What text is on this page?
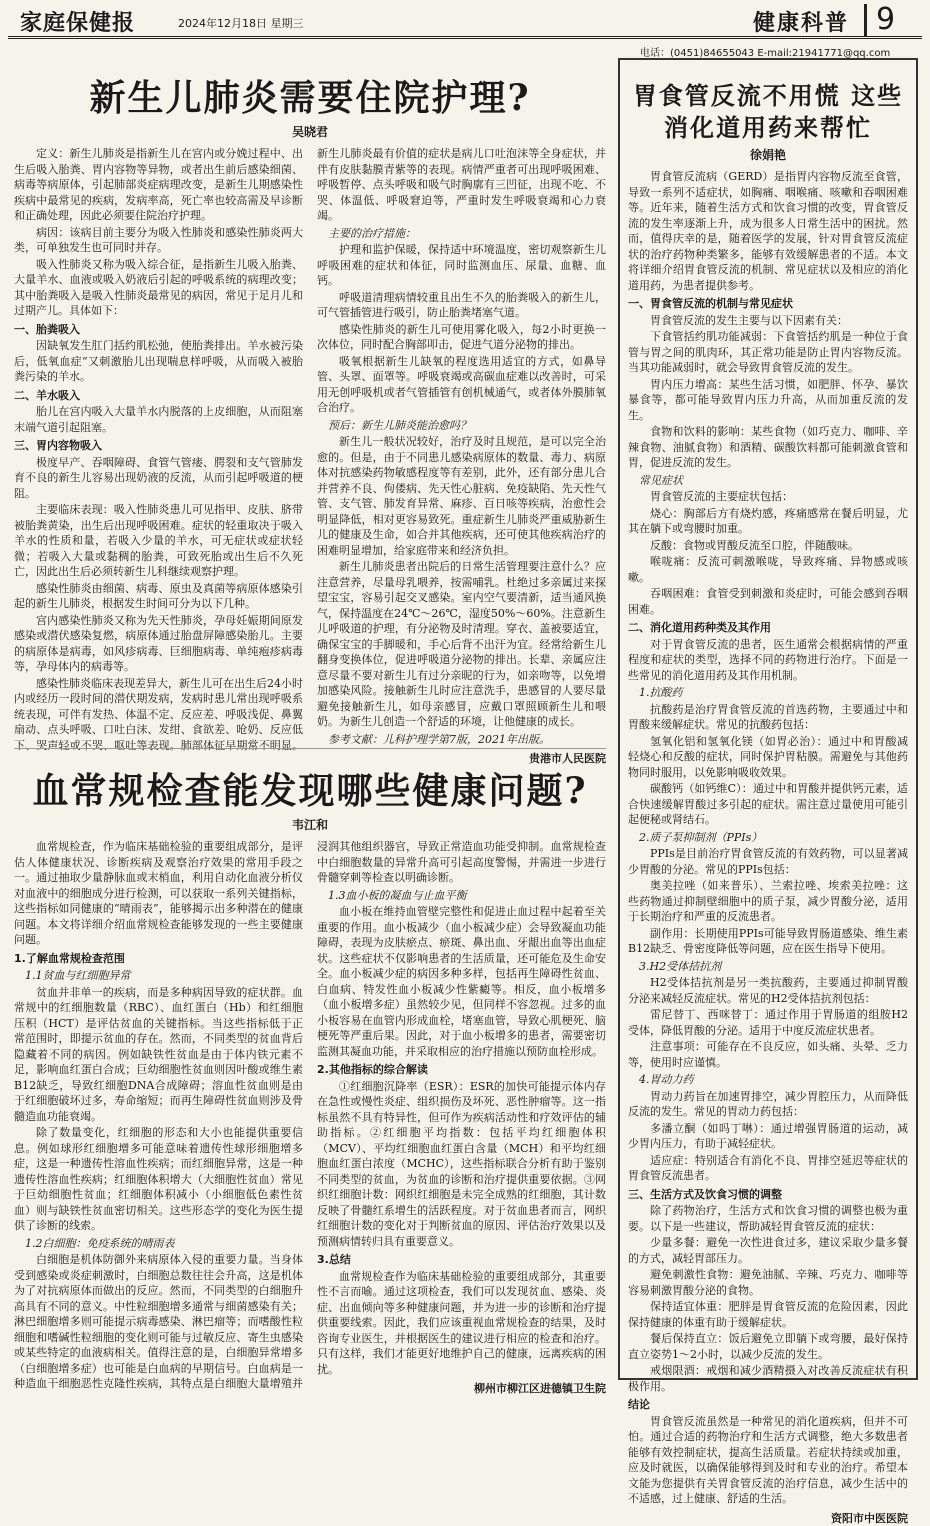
家庭保健报	2024年12月18日 星期三	健康科普 9
电话：(0451)84655043 E-mail:21941771@qq.com
新生儿肺炎需要住院护理?
吴晓君

定义：新生儿肺炎是指新生儿在宫内或分娩过程中、出生后吸入胎粪、胃内容物等异物，或者出生前后感染细菌、病毒等病原体，引起肺部炎症病理改变，是新生儿期感染性疾病中最常见的疾病，发病率高，死亡率也较高需及早诊断和正确处理，因此必须要住院治疗护理。

病因：该病目前主要分为吸入性肺炎和感染性肺炎两大类，可单独发生也可同时并存。

吸入性肺炎又称为吸入综合征，是指新生儿吸入胎粪、大量羊水、血液或吸入奶液后引起的呼吸系统的病理改变；其中胎粪吸入是吸入性肺炎最常见的病因，常见于足月儿和过期产儿。具体如下：

一、胎粪吸入

因缺氧发生肛门括约肌松弛，使胎粪排出。羊水被污染后，低氧血症“又刺激胎儿出现喘息样呼吸，从而吸入被胎粪污染的羊水。

二、羊水吸入

胎儿在宫内吸入大量羊水内脱落的上皮细胞，从而阻塞末端气道引起阻塞。

三、胃内容物吸入

极度早产、吞咽障碍、食管气管瘘、腭裂和支气管肺发育不良的新生儿容易出现奶液的反流，从而引起呼吸道的梗阻。

主要临床表现：吸入性肺炎患儿可见指甲、皮肤、脐带被胎粪黄染，出生后出现呼吸困难。症状的轻重取决于吸入羊水的性质和量，若吸入少量的羊水，可无症状或症状轻微；若吸入大量或黏稠的胎粪，可致死胎或出生后不久死亡，因此出生后必须转新生儿科继续观察护理。

感染性肺炎由细菌、病毒、原虫及真菌等病原体感染引起的新生儿肺炎，根据发生时间可分为以下几种。

宫内感染性肺炎又称为先天性肺炎，孕母妊娠期间原发感染或潜伏感染复燃，病原体通过胎盘屏障感染胎儿。主要的病原体是病毒，如风疹病毒、巨细胞病毒、单纯疱疹病毒等，孕母体内的病毒等。

感染性肺炎临床表现差异大，新生儿可在出生后24小时内或经历一段时间的潜伏期发病，发病时患儿常出现呼吸系统表现，可伴有发热、体温不定、反应差、呼吸浅促、鼻翼扇动、点头呼吸、口吐白沫、发绀、食欲差、呛奶、反应低下、哭声轻或不哭、呕吐等表现。肺部体征早期常不明显。新生儿肺炎最有价值的症状是病儿口吐泡沫等全身症状，并伴有皮肤黏膜青紫等的表现。病情严重者可出现呼吸困难、呼吸暂停、点头呼吸和吸气时胸廓有三凹征，出现不吃、不哭、体温低、呼吸窘迫等，严重时发生呼吸衰竭和心力衰竭。

主要的治疗措施：

护理和监护保暖，保持适中环境温度，密切观察新生儿呼吸困难的症状和体征，同时监测血压、尿量、血糖、血钙。

呼吸道清理病情较重且出生不久的胎粪吸入的新生儿，可气管插管进行吸引，防止胎粪堵塞气道。

感染性肺炎的新生儿可使用雾化吸入，每2小时更换一次体位，同时配合胸部叩击，促进气道分泌物的排出。

吸氧根据新生儿缺氧的程度选用适宜的方式，如鼻导管、头罩、面罩等。呼吸衰竭或高碳血症难以改善时，可采用无创呼吸机或者气管插管有创机械通气，或者体外膜肺氧合治疗。

预后：新生儿肺炎能治愈吗？

新生儿一般状况较好，治疗及时且规范，是可以完全治愈的。但是，由于不同患儿感染病原体的数量、毒力、病原体对抗感染药物敏感程度等有差别，此外，还有部分患儿合并营养不良、佝偻病、先天性心脏病、免疫缺陷、先天性气管、支气管、肺发育异常、麻疹、百日咳等疾病，治愈性会明显降低，相对更容易致死。重症新生儿肺炎严重威胁新生儿的健康及生命，如合并其他疾病，还可使其他疾病治疗的困难明显增加，给家庭带来和经济负担。

新生儿肺炎患者出院后的日常生活管理要注意什么？应注意营养，尽量母乳喂养，按需哺乳。杜绝过多亲属过来探望宝宝，容易引起交叉感染。室内空气要清新，适当通风换气，保持温度在24℃～26℃，湿度50%～60%。注意新生儿呼吸道的护理，有分泌物及时清理。穿衣、盖被要适宜，确保宝宝的手脚暖和，手心后背不出汗为宜。经常给新生儿翻身变换体位，促进呼吸道分泌物的排出。长辈、亲属应注意尽量不要对新生儿有过分亲昵的行为，如亲吻等，以免增加感染风险。接触新生儿时应注意洗手，患感冒的人要尽量避免接触新生儿，如母亲感冒，应戴口罩照顾新生儿和喂奶。为新生儿创造一个舒适的环境，让他健康的成长。

参考文献：儿科护理学第7版，2021年出版。

贵港市人民医院

血常规检查能发现哪些健康问题?
韦江和

血常规检查，作为临床基础检验的重要组成部分，是评估人体健康状况、诊断疾病及观察治疗效果的常用手段之一。通过抽取少量静脉血或末梢血，利用自动化血液分析仪对血液中的细胞成分进行检测，可以获取一系列关键指标，这些指标如同健康的“晴雨表”，能够揭示出多种潜在的健康问题。本文将详细介绍血常规检查能够发现的一些主要健康问题。

1.了解血常规检查范围

1.1贫血与红细胞异常

贫血并非单一的疾病，而是多种病因导致的症状群。血常规中的红细胞数量（RBC）、血红蛋白（Hb）和红细胞压积（HCT）是评估贫血的关键指标。当这些指标低于正常范围时，即提示贫血的存在。然而，不同类型的贫血背后隐藏着不同的病因。例如缺铁性贫血是由于体内铁元素不足，影响血红蛋白合成；巨幼细胞性贫血则因叶酸或维生素B12缺乏，导致红细胞DNA合成障碍；溶血性贫血则是由于红细胞破坏过多，寿命缩短；而再生障碍性贫血则涉及骨髓造血功能衰竭。

除了数量变化，红细胞的形态和大小也能提供重要信息。例如球形红细胞增多可能意味着遗传性球形细胞增多症，这是一种遗传性溶血性疾病；而红细胞异常，这是一种遗传性溶血性疾病；红细胞体积增大（大细胞性贫血）常见于巨幼细胞性贫血；红细胞体积减小（小细胞低色素性贫血）则与缺铁性贫血密切相关。这些形态学的变化为医生提供了诊断的线索。

1.2白细胞：免疫系统的晴雨表

白细胞是机体防御外来病原体入侵的重要力量。当身体受到感染或炎症刺激时，白细胞总数往往会升高，这是机体为了对抗病原体而做出的反应。然而，不同类型的白细胞升高具有不同的意义。中性粒细胞增多通常与细菌感染有关；淋巴细胞增多则可能提示病毒感染、淋巴瘤等；而嗜酸性粒细胞和嗜碱性粒细胞的变化则可能与过敏反应、寄生虫感染或某些特定的血液病相关。值得注意的是，白细胞异常增多（白细胞增多症）也可能是白血病的早期信号。白血病是一种造血干细胞恶性克隆性疾病，其特点是白细胞大量增殖并浸润其他组织器官，导致正常造血功能受抑制。血常规检查中白细胞数量的异常升高可引起高度警惕，并需进一步进行骨髓穿刺等检查以明确诊断。

1.3血小板的凝血与止血平衡

血小板在维持血管壁完整性和促进止血过程中起着至关重要的作用。血小板减少（血小板减少症）会导致凝血功能障碍，表现为皮肤瘀点、瘀斑、鼻出血、牙龈出血等出血症状。这些症状不仅影响患者的生活质量，还可能危及生命安全。血小板减少症的病因多种多样，包括再生障碍性贫血、白血病、特发性血小板减少性紫癜等。相反，血小板增多（血小板增多症）虽然较少见，但同样不容忽视。过多的血小板容易在血管内形成血栓，堵塞血管，导致心肌梗死、脑梗死等严重后果。因此，对于血小板增多的患者，需要密切监测其凝血功能，并采取相应的治疗措施以预防血栓形成。

2.其他指标的综合解读

①红细胞沉降率（ESR）：ESR的加快可能提示体内存在急性或慢性炎症、组织损伤及坏死、恶性肿瘤等。这一指标虽然不具有特异性，但可作为疾病活动性和疗效评估的辅助指标。②红细胞平均指数：包括平均红细胞体积（MCV）、平均红细胞血红蛋白含量（MCH）和平均红细胞血红蛋白浓度（MCHC），这些指标联合分析有助于鉴别不同类型的贫血，为贫血的诊断和治疗提供重要依据。③网织红细胞计数：网织红细胞是未完全成熟的红细胞，其计数反映了骨髓红系增生的活跃程度。对于贫血患者而言，网织红细胞计数的变化对于判断贫血的原因、评估治疗效果以及预测病情转归具有重要意义。

3.总结

血常规检查作为临床基础检验的重要组成部分，其重要性不言而喻。通过这项检查，我们可以发现贫血、感染、炎症、出血倾向等多种健康问题，并为进一步的诊断和治疗提供重要线索。因此，我们应该重视血常规检查的结果，及时咨询专业医生，并根据医生的建议进行相应的检查和治疗。只有这样，我们才能更好地维护自己的健康，远离疾病的困扰。

柳州市柳江区进德镇卫生院

胃食管反流不用慌 这些消化道用药来帮忙
徐娟艳

胃食管反流病（GERD）是指胃内容物反流至食管，导致一系列不适症状，如胸痛、咽喉痛、咳嗽和吞咽困难等。近年来，随着生活方式和饮食习惯的改变，胃食管反流的发生率逐渐上升，成为很多人日常生活中的困扰。然而，值得庆幸的是，随着医学的发展，针对胃食管反流症状的治疗药物种类繁多，能够有效缓解患者的不适。本文将详细介绍胃食管反流的机制、常见症状以及相应的消化道用药，为患者提供参考。

一、胃食管反流的机制与常见症状

胃食管反流的发生主要与以下因素有关：

下食管括约肌功能减弱：下食管括约肌是一种位于食管与胃之间的肌肉环，其正常功能是防止胃内容物反流。当其功能减弱时，就会导致胃食管反流的发生。

胃内压力增高：某些生活习惯，如肥胖、怀孕、暴饮暴食等，都可能导致胃内压力升高，从而加重反流的发生。

食物和饮料的影响：某些食物（如巧克力、咖啡、辛辣食物、油腻食物）和酒精、碳酸饮料都可能刺激食管和胃，促进反流的发生。

常见症状

胃食管反流的主要症状包括：

烧心：胸部后方有烧灼感，疼痛感常在餐后明显，尤其在躺下或弯腰时加重。

反酸：食物或胃酸反流至口腔，伴随酸味。

喉咙痛：反流可刺激喉咙，导致疼痛、异物感或咳嗽。

吞咽困难：食管受到刺激和炎症时，可能会感到吞咽困难。

二、消化道用药种类及其作用

对于胃食管反流的患者，医生通常会根据病情的严重程度和症状的类型，选择不同的药物进行治疗。下面是一些常见的消化道用药及其作用机制。

1.抗酸药

抗酸药是治疗胃食管反流的首选药物，主要通过中和胃酸来缓解症状。常见的抗酸药包括：

氢氧化铝和氢氧化镁（如胃必治）：通过中和胃酸减轻烧心和反酸的症状，同时保护胃粘膜。需避免与其他药物同时服用，以免影响吸收效果。

碳酸钙（如钙维C）：通过中和胃酸并提供钙元素，适合快速缓解胃酸过多引起的症状。需注意过量使用可能引起便秘或肾结石。

2.质子泵抑制剂（PPIs）

PPIs是目前治疗胃食管反流的有效药物，可以显著减少胃酸的分泌。常见的PPIs包括：

奥美拉唑（如来普乐）、兰索拉唑、埃索美拉唑：这些药物通过抑制壁细胞中的质子泵，减少胃酸分泌，适用于长期治疗和严重的反流患者。

副作用：长期使用PPIs可能导致胃肠道感染、维生素B12缺乏、骨密度降低等问题，应在医生指导下使用。

3.H2受体拮抗剂

H2受体拮抗剂是另一类抗酸药，主要通过抑制胃酸分泌来减轻反流症状。常见的H2受体拮抗剂包括：

雷尼替丁、西咪替丁：通过作用于胃肠道的组胺H2受体，降低胃酸的分泌。适用于中度反流症状患者。

注意事项：可能存在不良反应，如头痛、头晕、乏力等，使用时应谨慎。

4.胃动力药

胃动力药旨在加速胃排空，减少胃腔压力，从而降低反流的发生。常见的胃动力药包括：

多潘立酮（如吗丁啉）：通过增强胃肠道的运动，减少胃内压力，有助于减轻症状。

适应症：特别适合有消化不良、胃排空延迟等症状的胃食管反流患者。

三、生活方式及饮食习惯的调整

除了药物治疗，生活方式和饮食习惯的调整也极为重要。以下是一些建议，帮助减轻胃食管反流的症状：

少量多餐：避免一次性进食过多，建议采取少量多餐的方式，减轻胃部压力。

避免刺激性食物：避免油腻、辛辣、巧克力、咖啡等容易刺激胃酸分泌的食物。

保持适宜体重：肥胖是胃食管反流的危险因素，因此保持健康的体重有助于缓解症状。

餐后保持直立：饭后避免立即躺下或弯腰，最好保持直立姿势1～2小时，以减少反流的发生。

戒烟限酒：戒烟和减少酒精摄入对改善反流症状有积极作用。

结论

胃食管反流虽然是一种常见的消化道疾病，但并不可怕。通过合适的药物治疗和生活方式调整，绝大多数患者能够有效控制症状，提高生活质量。若症状持续或加重，应及时就医，以确保能够得到及时和专业的治疗。希望本文能为您提供有关胃食管反流的治疗信息，减少生活中的不适感，过上健康、舒适的生活。

资阳市中医医院
